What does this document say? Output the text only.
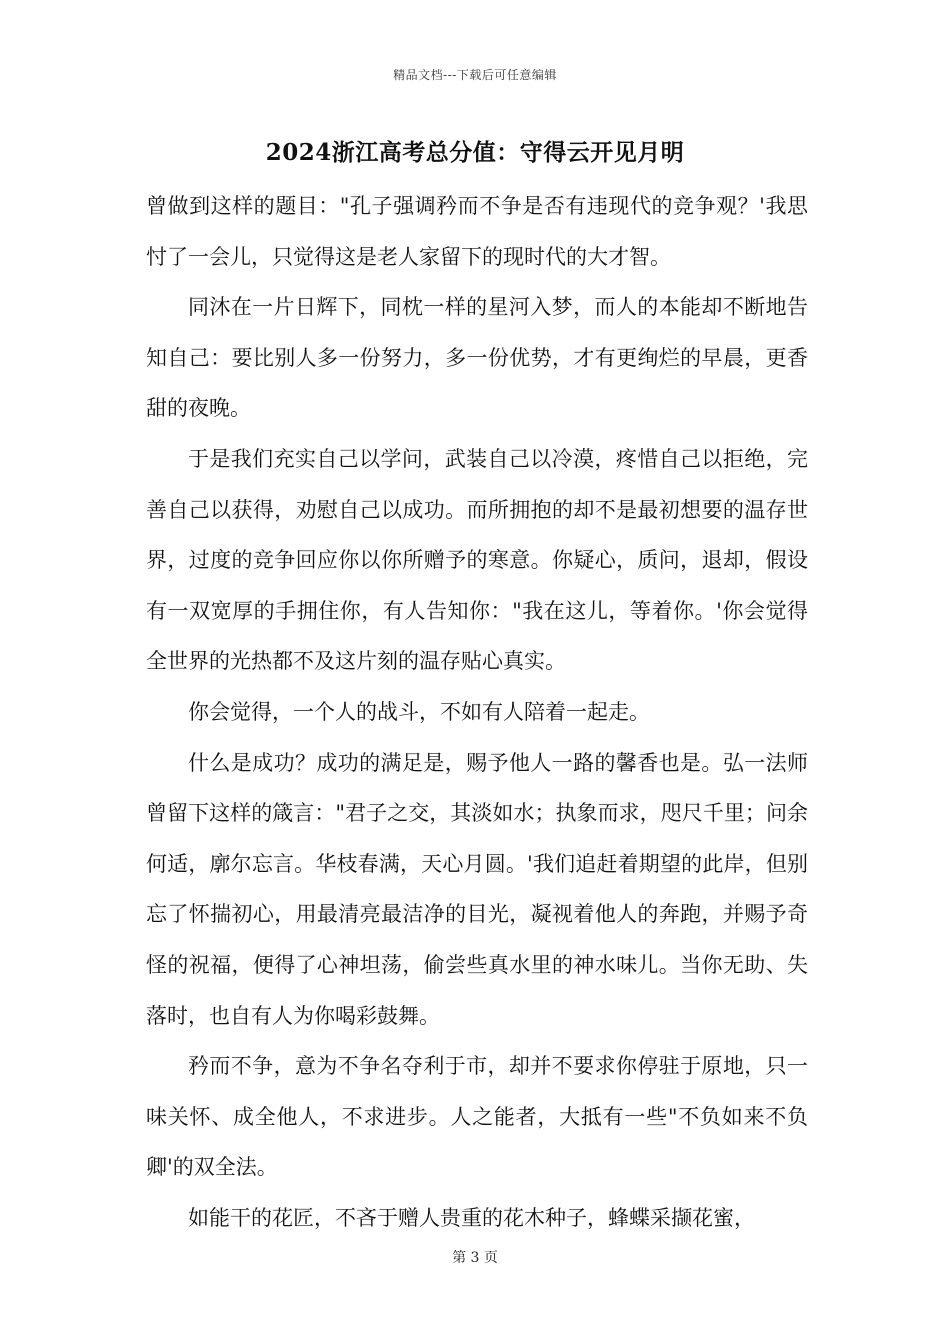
精品文档---下载后可任意编辑
2024浙江高考总分值：守得云开见月明

曾做到这样的题目："孔子强调矜而不争是否有违现代的竞争观？'我思忖了一会儿，只觉得这是老人家留下的现时代的大才智。

同沐在一片日辉下，同枕一样的星河入梦，而人的本能却不断地告知自己：要比别人多一份努力，多一份优势，才有更绚烂的早晨，更香甜的夜晚。

于是我们充实自己以学问，武装自己以冷漠，疼惜自己以拒绝，完善自己以获得，劝慰自己以成功。而所拥抱的却不是最初想要的温存世界，过度的竞争回应你以你所赠予的寒意。你疑心，质问，退却，假设有一双宽厚的手拥住你，有人告知你："我在这儿，等着你。'你会觉得全世界的光热都不及这片刻的温存贴心真实。

你会觉得，一个人的战斗，不如有人陪着一起走。

什么是成功？成功的满足是，赐予他人一路的馨香也是。弘一法师曾留下这样的箴言："君子之交，其淡如水；执象而求，咫尺千里；问余何适，廓尔忘言。华枝春满，天心月圆。'我们追赶着期望的此岸，但别忘了怀揣初心，用最清亮最洁净的目光，凝视着他人的奔跑，并赐予奇怪的祝福，便得了心神坦荡，偷尝些真水里的神水味儿。当你无助、失落时，也自有人为你喝彩鼓舞。

矜而不争，意为不争名夺利于市，却并不要求你停驻于原地，只一味关怀、成全他人，不求进步。人之能者，大抵有一些"不负如来不负卿'的双全法。

如能干的花匠，不吝于赠人贵重的花木种子，蜂蝶采撷花蜜，

第 3 页
